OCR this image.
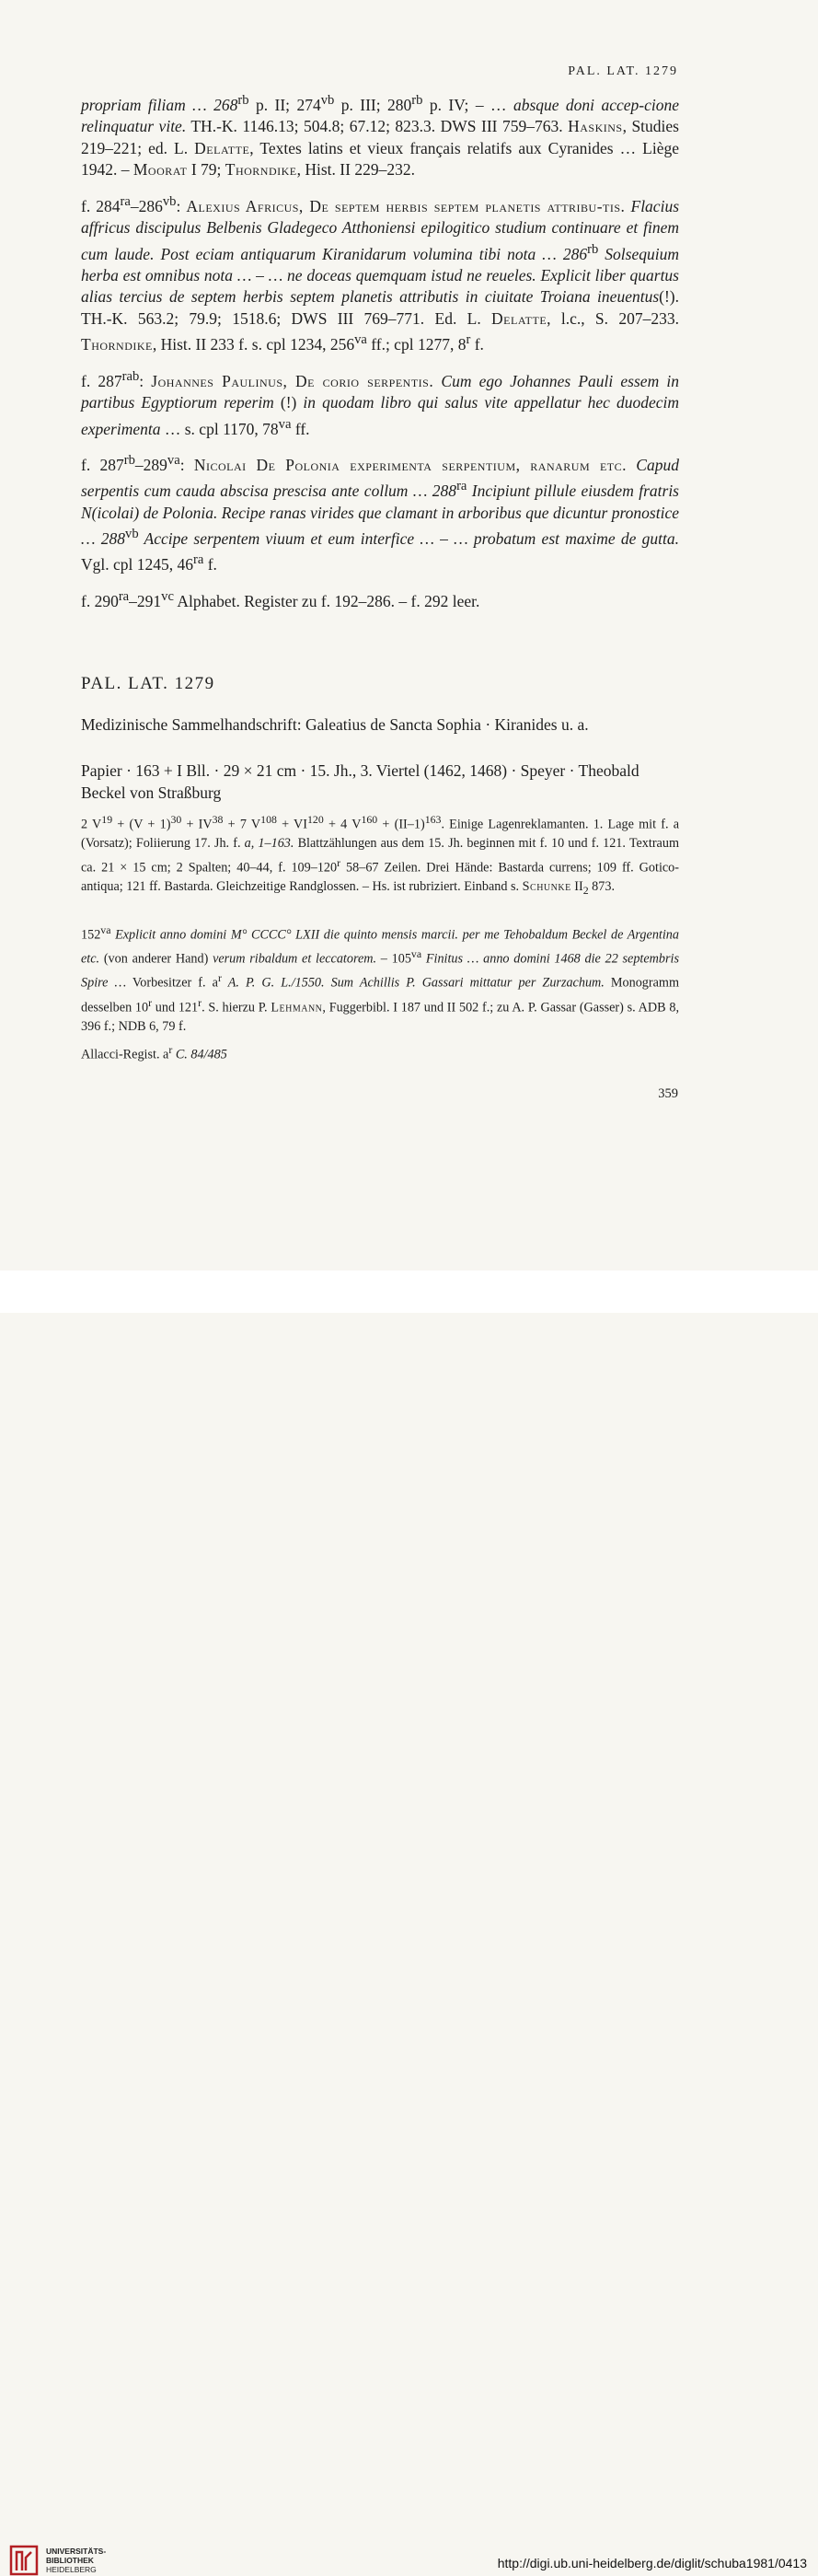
PAL. LAT. 1279

propriam filiam … $268^{rb}$ p. II; $274^{vb}$ p. III; $280^{rb}$ p. IV; – … absque doni accep-cione relinquatur vite. TH.-K. 1146.13; 504.8; 67.12; 823.3. DWS III 759–763. Haskins, Studies 219–221; ed. L. Delatte, Textes latins et vieux français relatifs aux Cyranides … Liège 1942. – Moorat I 79; Thorndike, Hist. II 229–232.

f. $284^{ra}-286^{vb}$: Alexius Africus, De septem herbis septem planetis attribu-tis. Flacius affricus discipulus Belbenis Gladegeco Atthoniensi epilogitico studium continuare et finem cum laude. Post eciam antiquarum Kiranidarum volumina tibi nota … $286^{rb}$ Solsequium herba est omnibus nota … – … ne doceas quemquam istud ne reueles. Explicit liber quartus alias tercius de septem herbis septem planetis attributis in ciuitate Troiana ineuentus(!). TH.-K. 563.2; 79.9; 1518.6; DWS III 769–771. Ed. L. Delatte, l.c., S. 207–233. Thorndike, Hist. II 233 f. s. cpl 1234, $256^{va}$ ff.; cpl 1277, 8$^r$ f.

f. $287^{rab}$: Johannes Paulinus, De corio serpentis. Cum ego Johannes Pauli essem in partibus Egyptiorum reperim (!) in quodam libro qui salus vite appellatur hec duodecim experimenta … s. cpl 1170, $78^{va}$ ff.

f. $287^{rb}-289^{va}$: Nicolai De Polonia experimenta serpentium, ranarum etc. Capud serpentis cum cauda abscisa prescisa ante collum … $288^{ra}$ Incipiunt pillule eiusdem fratris N(icolai) de Polonia. Recipe ranas virides que clamant in arboribus que dicuntur pronostice … $288^{vb}$ Accipe serpentem viuum et eum interfice … – … probatum est maxime de gutta. Vgl. cpl 1245, $46^{ra}$ f.

f. $290^{ra}-291^{vc}$ Alphabet. Register zu f. 192–286. – f. 292 leer.

PAL. LAT. 1279
Medizinische Sammelhandschrift: Galeatius de Sancta Sophia · Kiranides u. a.
Papier · 163 + I Bll. · 29 × 21 cm · 15. Jh., 3. Viertel (1462, 1468) · Speyer · Theobald Beckel von Straßburg
2 $V^{19} + (V + 1)^{30} + IV^{38} + 7$ $V^{108} + VI^{120} + 4$ $V^{160} + (II-1)^{163}$. Einige Lagenreklamanten. 1. Lage mit f. a (Vorsatz); Foliierung 17. Jh. f. a, 1–163. Blattzählungen aus dem 15. Jh. beginnen mit f. 10 und f. 121. Textraum ca. 21 × 15 cm; 2 Spalten; 40–44, f. 109–120$^r$ 58–67 Zeilen. Drei Hände: Bastarda currens; 109 ff. Gotico-antiqua; 121 ff. Bastarda. Gleichzeitige Randglossen. – Hs. ist rubriziert. Einband s. Schunke $II_2$ 873.
$152^{va}$ Explicit anno domini M° CCCC° LXII die quinto mensis marcii. per me Tehobaldum Beckel de Argentina etc. (von anderer Hand) verum ribaldum et leccatorem. – $105^{va}$ Finitus … anno domini 1468 die 22 septembris Spire … Vorbesitzer f. $a^r$ A. P. G. L./1550. Sum Achillis P. Gassari mittatur per Zurzachum. Monogramm desselben 10$^r$ und 121$^r$. S. hierzu P. Lehmann, Fuggerbibl. I 187 und II 502 f.; zu A. P. Gassar (Gasser) s. ADB 8, 396 f.; NDB 6, 79 f.
Allacci-Regist. $a^r$ C. 84/485
359
UNIVERSITÄTS-
BIBLIOTHEK
HEIDELBERG	http://digi.ub.uni-heidelberg.de/diglit/schuba1981/0413
